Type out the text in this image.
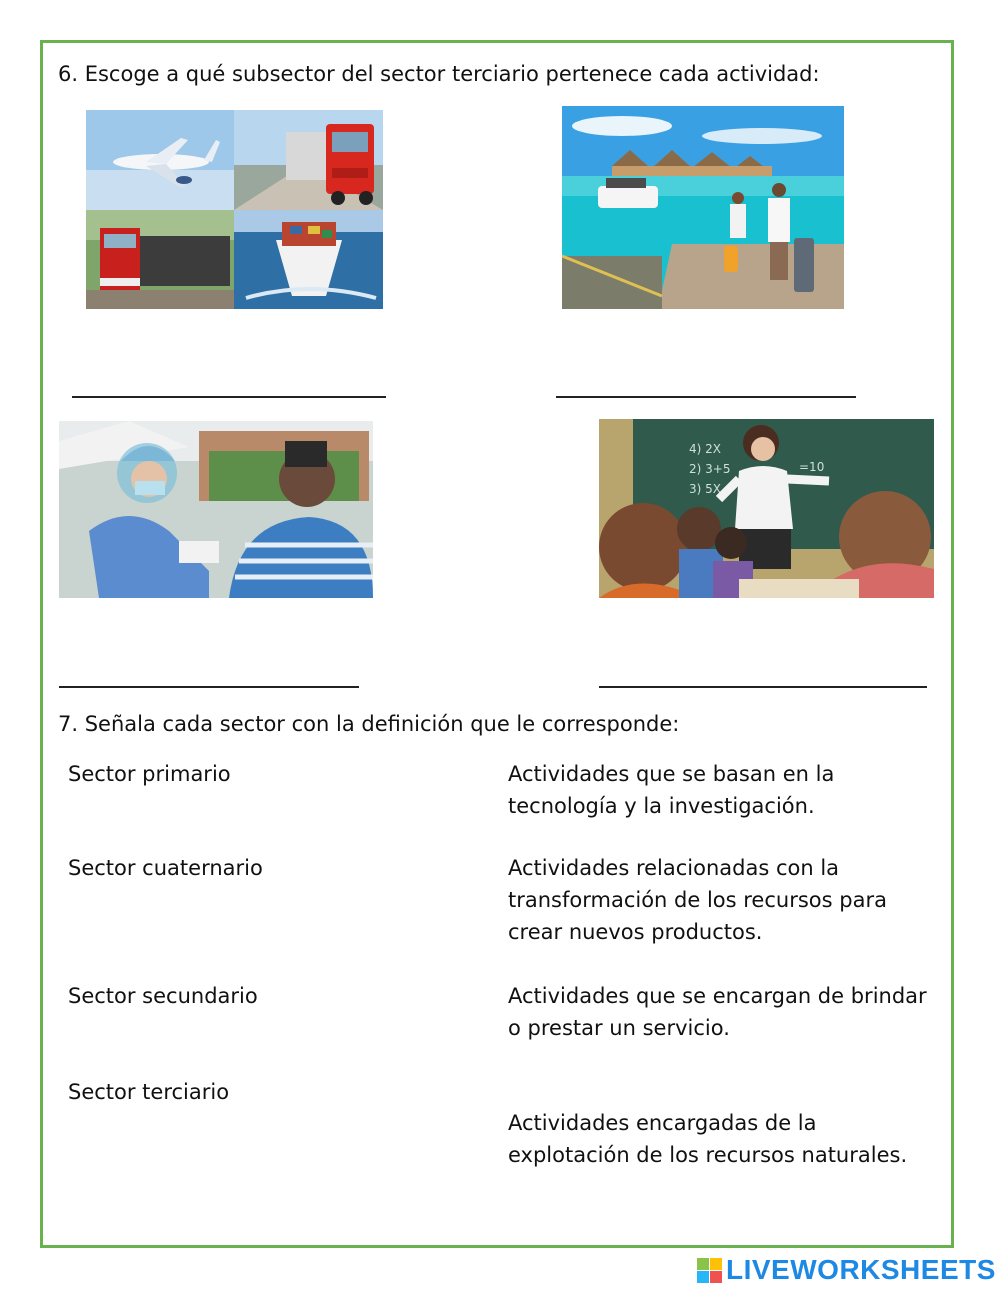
6. Escoge a qué subsector del sector terciario pertenece cada actividad:
4) 2X
2) 3+5
3) 5X
=10
7. Señala cada sector con la definición que le corresponde:
Sector primario
Sector cuaternario
Sector secundario
Sector terciario
Actividades que se basan en la tecnología y la investigación.
Actividades relacionadas con la transformación de los recursos para crear nuevos productos.
Actividades que se encargan de brindar o prestar un servicio.
Actividades encargadas de la explotación de los recursos naturales.
LIVEWORKSHEETS
